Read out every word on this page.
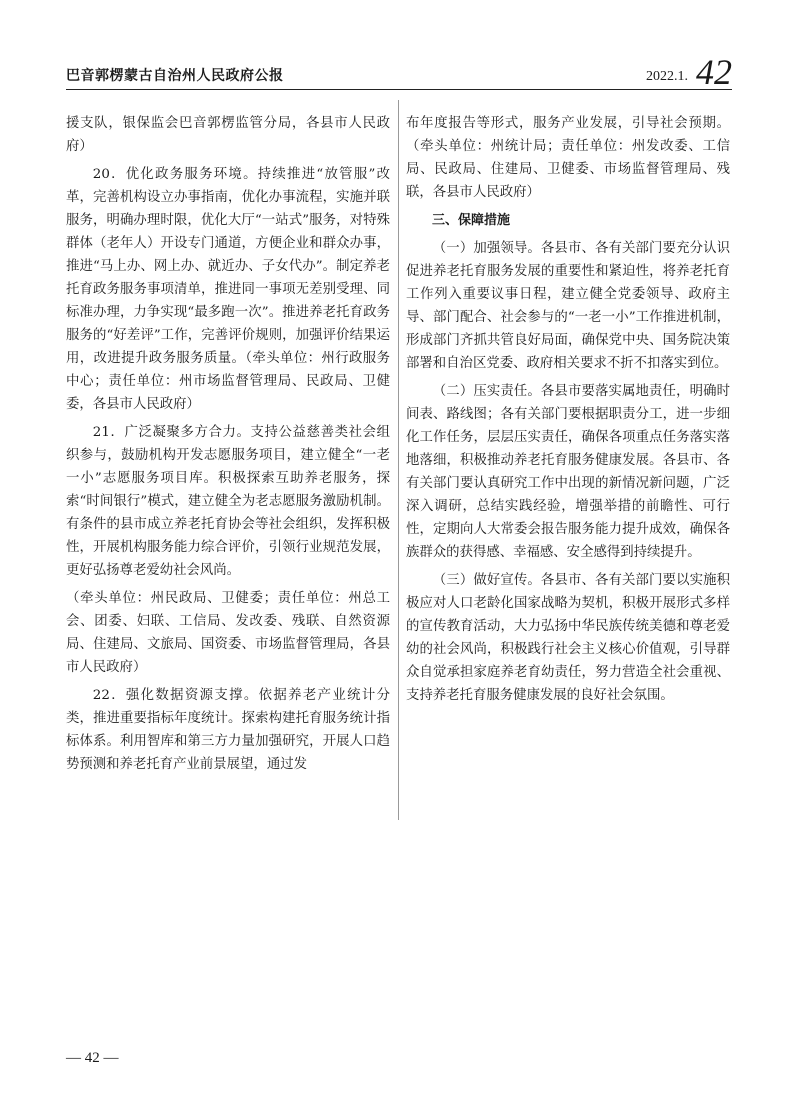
巴音郭楞蒙古自治州人民政府公报	2022.1. 42

援支队，银保监会巴音郭楞监管分局，各县市人民政府）

20．优化政务服务环境。持续推进“放管服”改革，完善机构设立办事指南，优化办事流程，实施并联服务，明确办理时限，优化大厅“一站式”服务，对特殊群体（老年人）开设专门通道，方便企业和群众办事，推进“马上办、网上办、就近办、子女代办”。制定养老托育政务服务事项清单，推进同一事项无差别受理、同标准办理，力争实现“最多跑一次”。推进养老托育政务服务的“好差评”工作，完善评价规则，加强评价结果运用，改进提升政务服务质量。（牵头单位：州行政服务中心；责任单位：州市场监督管理局、民政局、卫健委，各县市人民政府）

21．广泛凝聚多方合力。支持公益慈善类社会组织参与，鼓励机构开发志愿服务项目，建立健全“一老一小”志愿服务项目库。积极探索互助养老服务，探索“时间银行”模式，建立健全为老志愿服务激励机制。有条件的县市成立养老托育协会等社会组织，发挥积极性，开展机构服务能力综合评价，引领行业规范发展，更好弘扬尊老爱幼社会风尚。

（牵头单位：州民政局、卫健委；责任单位：州总工会、团委、妇联、工信局、发改委、残联、自然资源局、住建局、文旅局、国资委、市场监督管理局，各县市人民政府）

22．强化数据资源支撑。依据养老产业统计分类，推进重要指标年度统计。探索构建托育服务统计指标体系。利用智库和第三方力量加强研究，开展人口趋势预测和养老托育产业前景展望，通过发

布年度报告等形式，服务产业发展，引导社会预期。（牵头单位：州统计局；责任单位：州发改委、工信局、民政局、住建局、卫健委、市场监督管理局、残联，各县市人民政府）

三、保障措施

（一）加强领导。各县市、各有关部门要充分认识促进养老托育服务发展的重要性和紧迫性，将养老托育工作列入重要议事日程，建立健全党委领导、政府主导、部门配合、社会参与的“一老一小”工作推进机制，形成部门齐抓共管良好局面，确保党中央、国务院决策部署和自治区党委、政府相关要求不折不扣落实到位。

（二）压实责任。各县市要落实属地责任，明确时间表、路线图；各有关部门要根据职责分工，进一步细化工作任务，层层压实责任，确保各项重点任务落实落地落细，积极推动养老托育服务健康发展。各县市、各有关部门要认真研究工作中出现的新情况新问题，广泛深入调研，总结实践经验，增强举措的前瞻性、可行性，定期向人大常委会报告服务能力提升成效，确保各族群众的获得感、幸福感、安全感得到持续提升。

（三）做好宣传。各县市、各有关部门要以实施积极应对人口老龄化国家战略为契机，积极开展形式多样的宣传教育活动，大力弘扬中华民族传统美德和尊老爱幼的社会风尚，积极践行社会主义核心价值观，引导群众自觉承担家庭养老育幼责任，努力营造全社会重视、支持养老托育服务健康发展的良好社会氛围。

— 42 —
